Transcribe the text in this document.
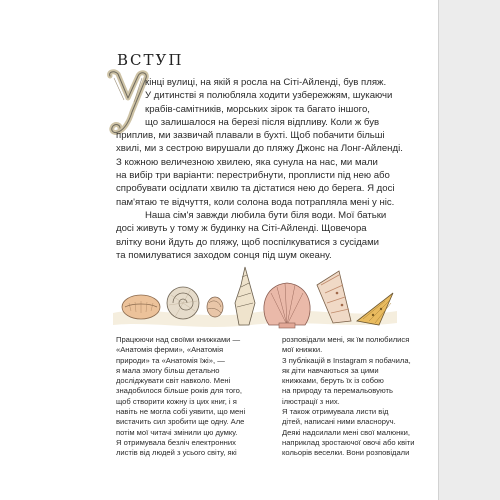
ВСТУП

кінці вулиці, на якій я росла на Сіті-Айленді, був пляж.
У дитинстві я полюбляла ходити узбережжям, шукаючи
крабів-самітників, морських зірок та багато іншого,
що залишалося на березі після відпливу. Коли ж був
приплив, ми зазвичай плавали в бухті. Щоб побачити більші
хвилі, ми з сестрою вирушали до пляжу Джонс на Лонг-Айленді.
З кожною величезною хвилею, яка сунула на нас, ми мали
на вибір три варіанти: перестрибнути, проплисти під нею або
спробувати осідлати хвилю та дістатися нею до берега. Я досі
пам'ятаю те відчуття, коли солона вода потрапляла мені у ніс.

Наша сім'я завжди любила бути біля води. Мої батьки
досі живуть у тому ж будинку на Сіті-Айленді. Щовечора
влітку вони йдуть до пляжу, щоб поспілкуватися з сусідами
та помилуватися заходом сонця під шум океану.

Працюючи над своїми книжками —
«Анатомія ферми», «Анатомія
природи» та «Анатомія їжі», —
я мала змогу більш детально
досліджувати світ навколо. Мені
знадобилося більше років для того,
щоб створити кожну із цих книг, і я
навіть не могла собі уявити, що мені
вистачить сил зробити ще одну. Але
потім мої читачі змінили цю думку.
Я отримувала безліч електронних
листів від людей з усього світу, які
розповідали мені, як їм полюбилися
мої книжки.
З публікацій в Instagram я побачила,
як діти навчаються за цими
книжками, беруть їх із собою
на природу та перемальовують
ілюстрації з них.
Я також отримувала листи від
дітей, написані ними власноруч.
Деякі надсилали мені свої малюнки,
наприклад зростаючої овочі або квіти
кольорів веселки. Вони розповідали
